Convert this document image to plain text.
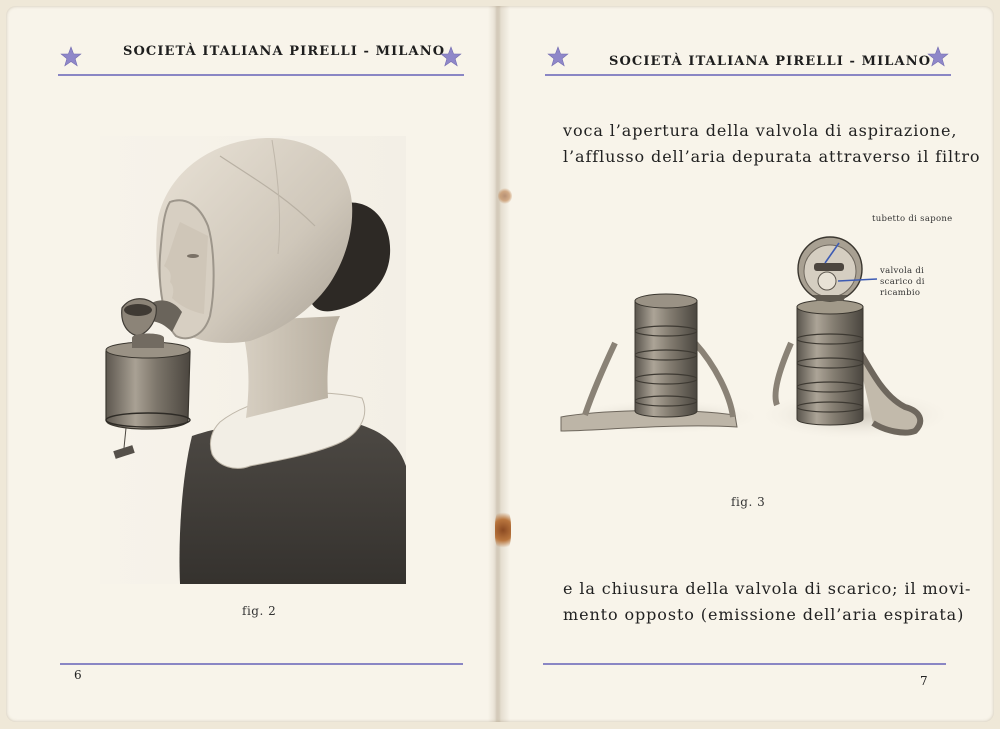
SOCIETÀ ITALIANA PIRELLI - MILANO
fig. 2
6
SOCIETÀ ITALIANA PIRELLI - MILANO
voca l’apertura della valvola di aspirazione,
l’afflusso dell’aria depurata attraverso il filtro
tubetto di sapone
valvola di
scarico di
ricambio
fig. 3
e la chiusura della valvola di scarico; il movi-
mento opposto (emissione dell’aria espirata)
7
